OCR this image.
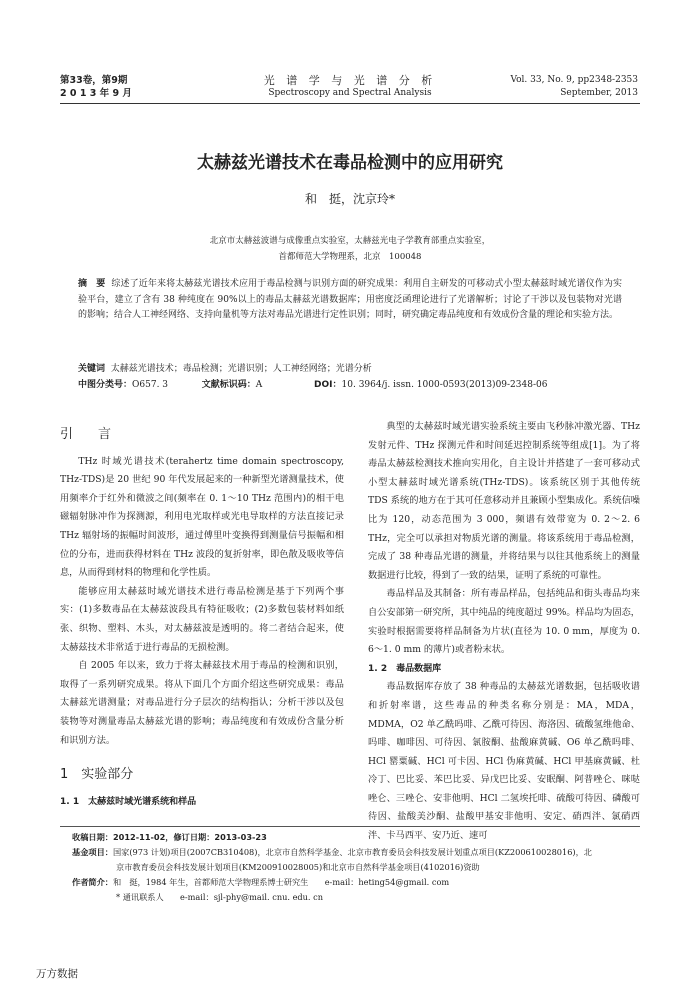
第33卷，第9期
2 0 1 3 年 9 月
光 谱 学 与 光 谱 分 析
Spectroscopy and Spectral Analysis
Vol. 33, No. 9, pp2348-2353
September, 2013
太赫兹光谱技术在毒品检测中的应用研究
和　挺，沈京玲*
北京市太赫兹波谱与成像重点实验室，太赫兹光电子学教育部重点实验室，
首都师范大学物理系，北京　100048
摘　要 综述了近年来将太赫兹光谱技术应用于毒品检测与识别方面的研究成果：利用自主研发的可移动式小型太赫兹时域光谱仪作为实验平台，建立了含有 38 种纯度在 90%以上的毒品太赫兹光谱数据库；用密度泛函理论进行了光谱解析；讨论了干涉以及包装物对光谱的影响；结合人工神经网络、支持向量机等方法对毒品光谱进行定性识别；同时，研究确定毒品纯度和有效成份含量的理论和实验方法。
关键词 太赫兹光谱技术；毒品检测；光谱识别；人工神经网络；光谱分析
中图分类号：O657. 3	文献标识码：A	DOI：10. 3964/j. issn. 1000-0593(2013)09-2348-06
引　言

THz 时域光谱技术(terahertz time domain spectroscopy, THz-TDS)是 20 世纪 90 年代发展起来的一种新型光谱测量技术，使用频率介于红外和微波之间(频率在 0. 1～10 THz 范围内)的相干电磁辐射脉冲作为探测源，利用电光取样或光电导取样的方法直接记录 THz 辐射场的振幅时间波形，通过傅里叶变换得到测量信号振幅和相位的分布，进而获得材料在 THz 波段的复折射率，即色散及吸收等信息，从而得到材料的物理和化学性质。

能够应用太赫兹时域光谱技术进行毒品检测是基于下列两个事实：(1)多数毒品在太赫兹波段具有特征吸收；(2)多数包装材料如纸张、织物、塑料、木头，对太赫兹波是透明的。将二者结合起来，使太赫兹技术非常适于进行毒品的无损检测。

自 2005 年以来，致力于将太赫兹技术用于毒品的检测和识别，取得了一系列研究成果。将从下面几个方面介绍这些研究成果：毒品太赫兹光谱测量；对毒品进行分子层次的结构指认；分析干涉以及包装物等对测量毒品太赫兹光谱的影响；毒品纯度和有效成份含量分析和识别方法。

1　实验部分
1. 1　太赫兹时域光谱系统和样品

典型的太赫兹时域光谱实验系统主要由飞秒脉冲激光器、THz 发射元件、THz 探测元件和时间延迟控制系统等组成[1]。为了将毒品太赫兹检测技术推向实用化，自主设计并搭建了一套可移动式小型太赫兹时域光谱系统(THz-TDS)。该系统区别于其他传统 TDS 系统的地方在于其可任意移动并且兼顾小型集成化。系统信噪比为 120，动态范围为 3 000，频谱有效带宽为 0. 2～2. 6 THz，完全可以承担对物质光谱的测量。将该系统用于毒品检测，完成了 38 种毒品光谱的测量，并将结果与以往其他系统上的测量数据进行比较，得到了一致的结果，证明了系统的可靠性。

毒品样品及其制备：所有毒品样品，包括纯品和街头毒品均来自公安部第一研究所，其中纯品的纯度超过 99%。样品均为固态，实验时根据需要将样品制备为片状(直径为 10. 0 mm，厚度为 0. 6～1. 0 mm 的薄片)或者粉末状。

1. 2　毒品数据库

毒品数据库存放了 38 种毒品的太赫兹光谱数据，包括吸收谱和折射率谱，这些毒品的种类名称分别是：MA，MDA，MDMA，O2 单乙酰吗啡、乙酰可待因、海洛因、硫酸氢维他命、吗啡、咖啡因、可待因、氯胺酮、盐酸麻黄碱、O6 单乙酰吗啡、HCl 罂粟碱、HCl 可卡因、HCl 伪麻黄碱、HCl 甲基麻黄碱、杜冷丁、巴比妥、苯巴比妥、异戊巴比妥、安眠酮、阿普唑仑、咪哒唑仑、三唑仑、安非他明、HCl 二氢埃托啡、硫酸可待因、磷酸可待因、盐酸美沙酮、盐酸甲基安非他明、安定、硝西泮、氯硝西泮、卡马西平、安乃近、速可

收稿日期：2012-11-02，修订日期：2013-03-23
基金项目：国家(973 计划)项目(2007CB310408)，北京市自然科学基金、北京市教育委员会科技发展计划重点项目(KZ200610028016)，北
京市教育委员会科技发展计划项目(KM200910028005)和北京市自然科学基金项目(4102016)资助
作者简介：和　挺，1984 年生，首都师范大学物理系博士研究生　　e-mail：heting54@gmail. com
* 通讯联系人　　e-mail：sjl-phy@mail. cnu. edu. cn
万方数据
